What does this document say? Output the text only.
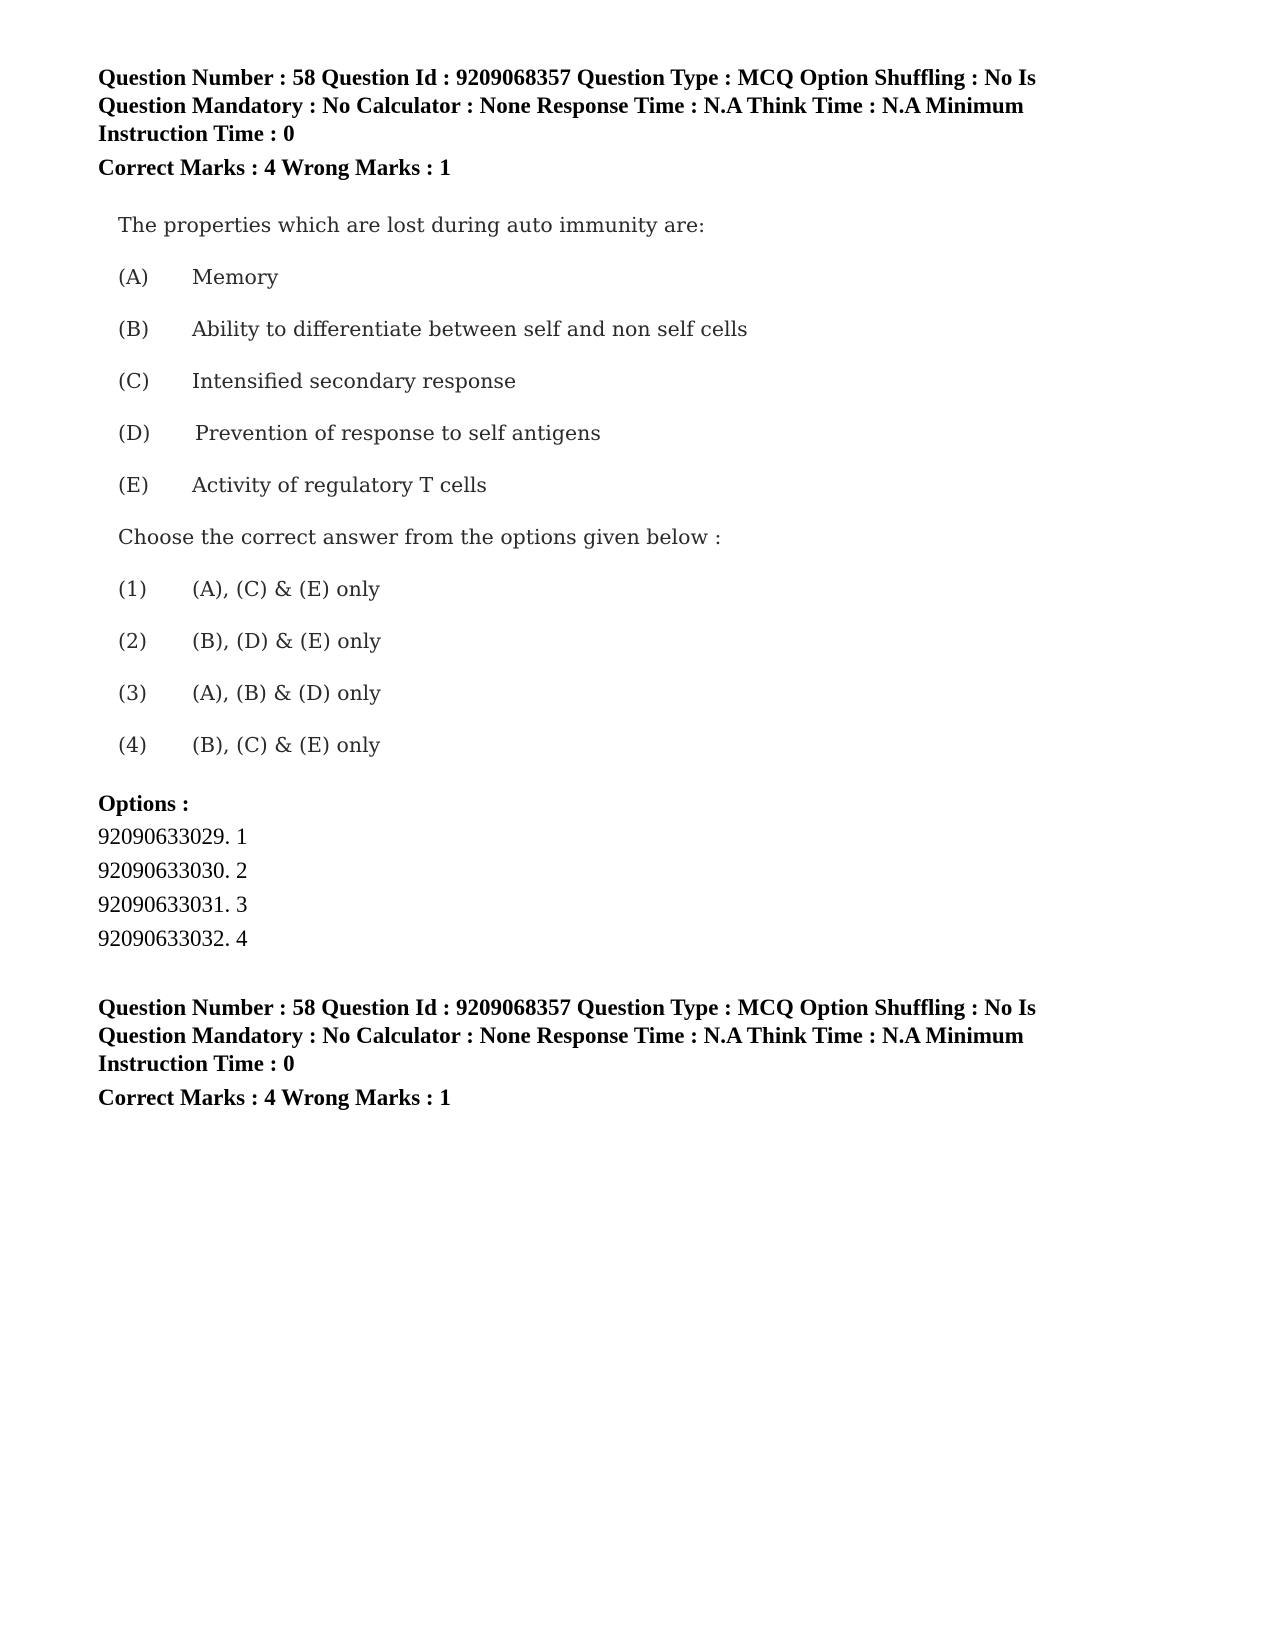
Question Number : 58 Question Id : 9209068357 Question Type : MCQ Option Shuffling : No Is
Question Mandatory : No Calculator : None Response Time : N.A Think Time : N.A Minimum
Instruction Time : 0
Correct Marks : 4 Wrong Marks : 1
The properties which are lost during auto immunity are:
(A)	Memory
(B)	Ability to differentiate between self and non self cells
(C)	Intensified secondary response
(D)	Prevention of response to self antigens
(E)	Activity of regulatory T cells
Choose the correct answer from the options given below :
(1)	(A), (C) & (E) only
(2)	(B), (D) & (E) only
(3)	(A), (B) & (D) only
(4)	(B), (C) & (E) only
Options :
92090633029. 1
92090633030. 2
92090633031. 3
92090633032. 4
Question Number : 58 Question Id : 9209068357 Question Type : MCQ Option Shuffling : No Is
Question Mandatory : No Calculator : None Response Time : N.A Think Time : N.A Minimum
Instruction Time : 0
Correct Marks : 4 Wrong Marks : 1
